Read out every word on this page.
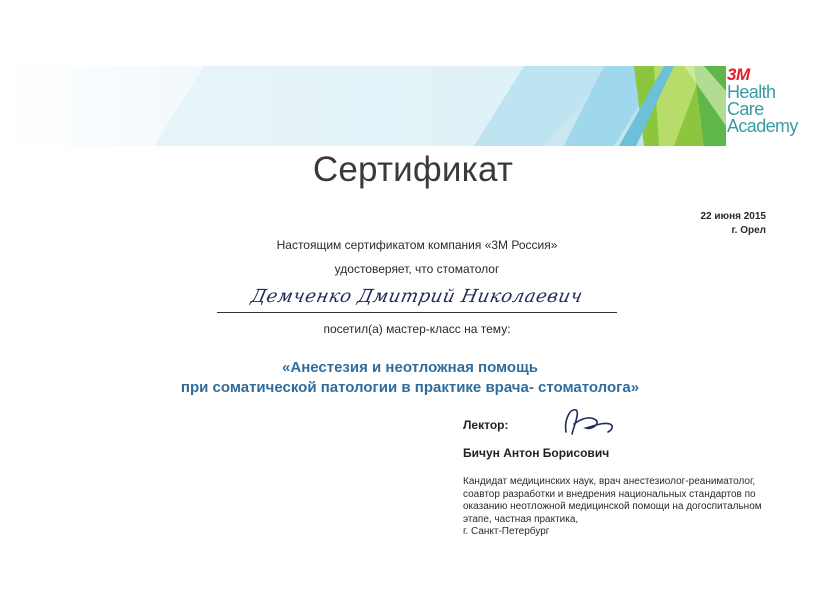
3M
Health
Care
Academy
Сертификат
22 июня 2015
г. Орел
Настоящим сертификатом компания «3М Россия»
удостоверяет, что стоматолог
Демченко Дмитрий Николаевич
посетил(а) мастер-класс на тему:
«Анестезия и неотложная помощь
при соматической патологии в практике врача- стоматолога»
Лектор:
Бичун Антон Борисович
Кандидат медицинских наук, врач анестезиолог-реаниматолог,
соавтор разработки и внедрения национальных стандартов по
оказанию неотложной медицинской помощи на догоспитальном
этапе, частная практика,
г. Санкт-Петербург
